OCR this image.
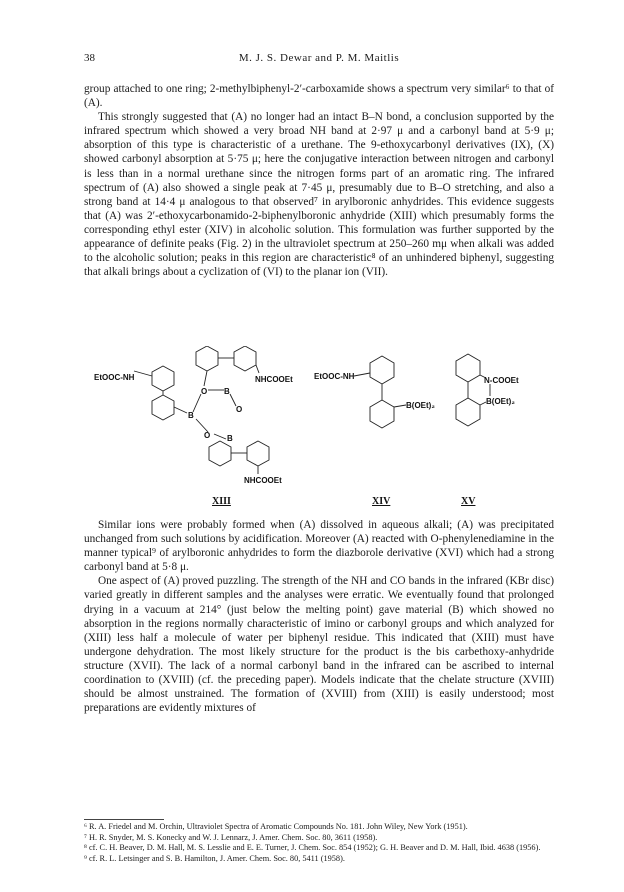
38	M. J. S. Dewar and P. M. Maitlis

group attached to one ring; 2-methylbiphenyl-2′-carboxamide shows a spectrum very similar⁶ to that of (A).

This strongly suggested that (A) no longer had an intact B–N bond, a conclusion supported by the infrared spectrum which showed a very broad NH band at 2·97 μ and a carbonyl band at 5·9 μ; absorption of this type is characteristic of a urethane. The 9-ethoxycarbonyl derivatives (IX), (X) showed carbonyl absorption at 5·75 μ; here the conjugative interaction between nitrogen and carbonyl is less than in a normal urethane since the nitrogen forms part of an aromatic ring. The infrared spectrum of (A) also showed a single peak at 7·45 μ, presumably due to B–O stretching, and also a strong band at 14·4 μ analogous to that observed⁷ in arylboronic anhydrides. This evidence suggests that (A) was 2′-ethoxycarbonamido-2-biphenylboronic anhydride (XIII) which presumably forms the corresponding ethyl ester (XIV) in alcoholic solution. This formulation was further supported by the appearance of definite peaks (Fig. 2) in the ultraviolet spectrum at 250–260 mμ when alkali was added to the alcoholic solution; peaks in this region are characteristic⁸ of an unhindered biphenyl, suggesting that alkali brings about a cyclization of (VI) to the planar ion (VII).

EtOOC-NH
B
O B
O
O B
NHCOOEt
NHCOOEt
EtOOC-NH
B(OEt)₂
N-COOEt
B(OEt)₂
XIII	XIV	XV

Similar ions were probably formed when (A) dissolved in aqueous alkali; (A) was precipitated unchanged from such solutions by acidification. Moreover (A) reacted with O-phenylenediamine in the manner typical⁹ of arylboronic anhydrides to form the diazborole derivative (XVI) which had a strong carbonyl band at 5·8 μ.

One aspect of (A) proved puzzling. The strength of the NH and CO bands in the infrared (KBr disc) varied greatly in different samples and the analyses were erratic. We eventually found that prolonged drying in a vacuum at 214° (just below the melting point) gave material (B) which showed no absorption in the regions normally characteristic of imino or carbonyl groups and which analyzed for (XIII) less half a molecule of water per biphenyl residue. This indicated that (XIII) must have undergone dehydration. The most likely structure for the product is the bis carbethoxy-anhydride structure (XVII). The lack of a normal carbonyl band in the infrared can be ascribed to internal coordination to (XVIII) (cf. the preceding paper). Models indicate that the chelate structure (XVIII) should be almost unstrained. The formation of (XVIII) from (XIII) is easily understood; most preparations are evidently mixtures of

⁶ R. A. Friedel and M. Orchin, Ultraviolet Spectra of Aromatic Compounds No. 181. John Wiley, New York (1951).

⁷ H. R. Snyder, M. S. Konecky and W. J. Lennarz, J. Amer. Chem. Soc. 80, 3611 (1958).

⁸ cf. C. H. Beaver, D. M. Hall, M. S. Lesslie and E. E. Turner, J. Chem. Soc. 854 (1952); G. H. Beaver and D. M. Hall, Ibid. 4638 (1956).

⁹ cf. R. L. Letsinger and S. B. Hamilton, J. Amer. Chem. Soc. 80, 5411 (1958).
